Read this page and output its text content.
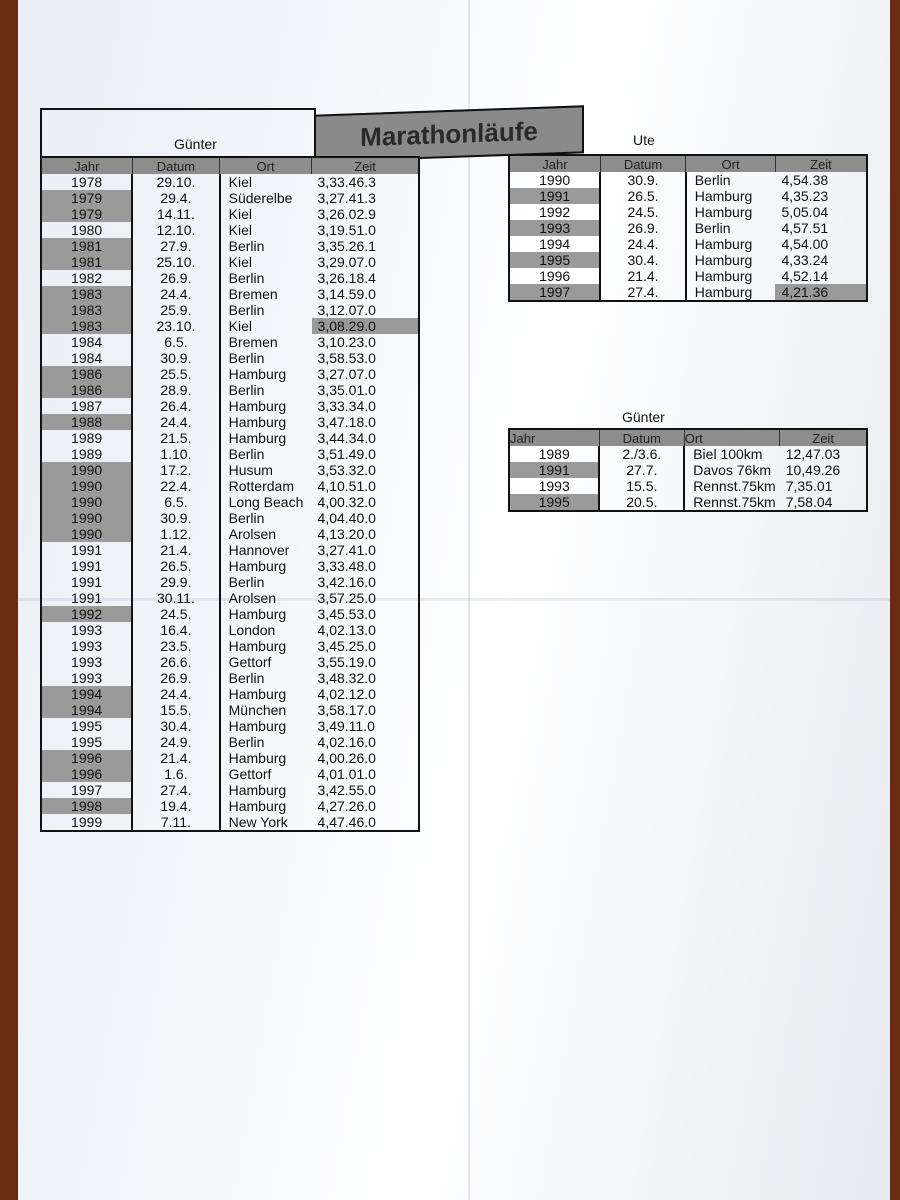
Günter	Marathonläufe	Ute
Günter
Jahr	Datum	Ort	Zeit
1978	29.10.	Kiel	3,33.46.3
1979	29.4.	Süderelbe	3,27.41.3
1979	14.11.	Kiel	3,26.02.9
1980	12.10.	Kiel	3,19.51.0
1981	27.9.	Berlin	3,35.26.1
1981	25.10.	Kiel	3,29.07.0
1982	26.9.	Berlin	3,26.18.4
1983	24.4.	Bremen	3,14.59.0
1983	25.9.	Berlin	3,12.07.0
1983	23.10.	Kiel	3,08.29.0
1984	6.5.	Bremen	3,10.23.0
1984	30.9.	Berlin	3,58.53.0
1986	25.5.	Hamburg	3,27.07.0
1986	28.9.	Berlin	3,35.01.0
1987	26.4.	Hamburg	3,33.34.0
1988	24.4.	Hamburg	3,47.18.0
1989	21.5.	Hamburg	3,44.34.0
1989	1.10.	Berlin	3,51.49.0
1990	17.2.	Husum	3,53.32.0
1990	22.4.	Rotterdam	4,10.51.0
1990	6.5.	Long Beach	4,00.32.0
1990	30.9.	Berlin	4,04.40.0
1990	1.12.	Arolsen	4,13.20.0
1991	21.4.	Hannover	3,27.41.0
1991	26.5.	Hamburg	3,33.48.0
1991	29.9.	Berlin	3,42.16.0
1991	30.11.	Arolsen	3,57.25.0
1992	24.5.	Hamburg	3,45.53.0
1993	16.4.	London	4,02.13.0
1993	23.5.	Hamburg	3,45.25.0
1993	26.6.	Gettorf	3,55.19.0
1993	26.9.	Berlin	3,48.32.0
1994	24.4.	Hamburg	4,02.12.0
1994	15.5.	München	3,58.17.0
1995	30.4.	Hamburg	3,49.11.0
1995	24.9.	Berlin	4,02.16.0
1996	21.4.	Hamburg	4,00.26.0
1996	1.6.	Gettorf	4,01.01.0
1997	27.4.	Hamburg	3,42.55.0
1998	19.4.	Hamburg	4,27.26.0
1999	7.11.	New York	4,47.46.0
Jahr	Datum	Ort	Zeit
1990	30.9.	Berlin	4,54.38
1991	26.5.	Hamburg	4,35.23
1992	24.5.	Hamburg	5,05.04
1993	26.9.	Berlin	4,57.51
1994	24.4.	Hamburg	4,54.00
1995	30.4.	Hamburg	4,33.24
1996	21.4.	Hamburg	4,52.14
1997	27.4.	Hamburg	4,21.36
Jahr	Datum	Ort	Zeit
1989	2./3.6.	Biel 100km	12,47.03
1991	27.7.	Davos 76km	10,49.26
1993	15.5.	Rennst.75km	7,35.01
1995	20.5.	Rennst.75km	7,58.04
